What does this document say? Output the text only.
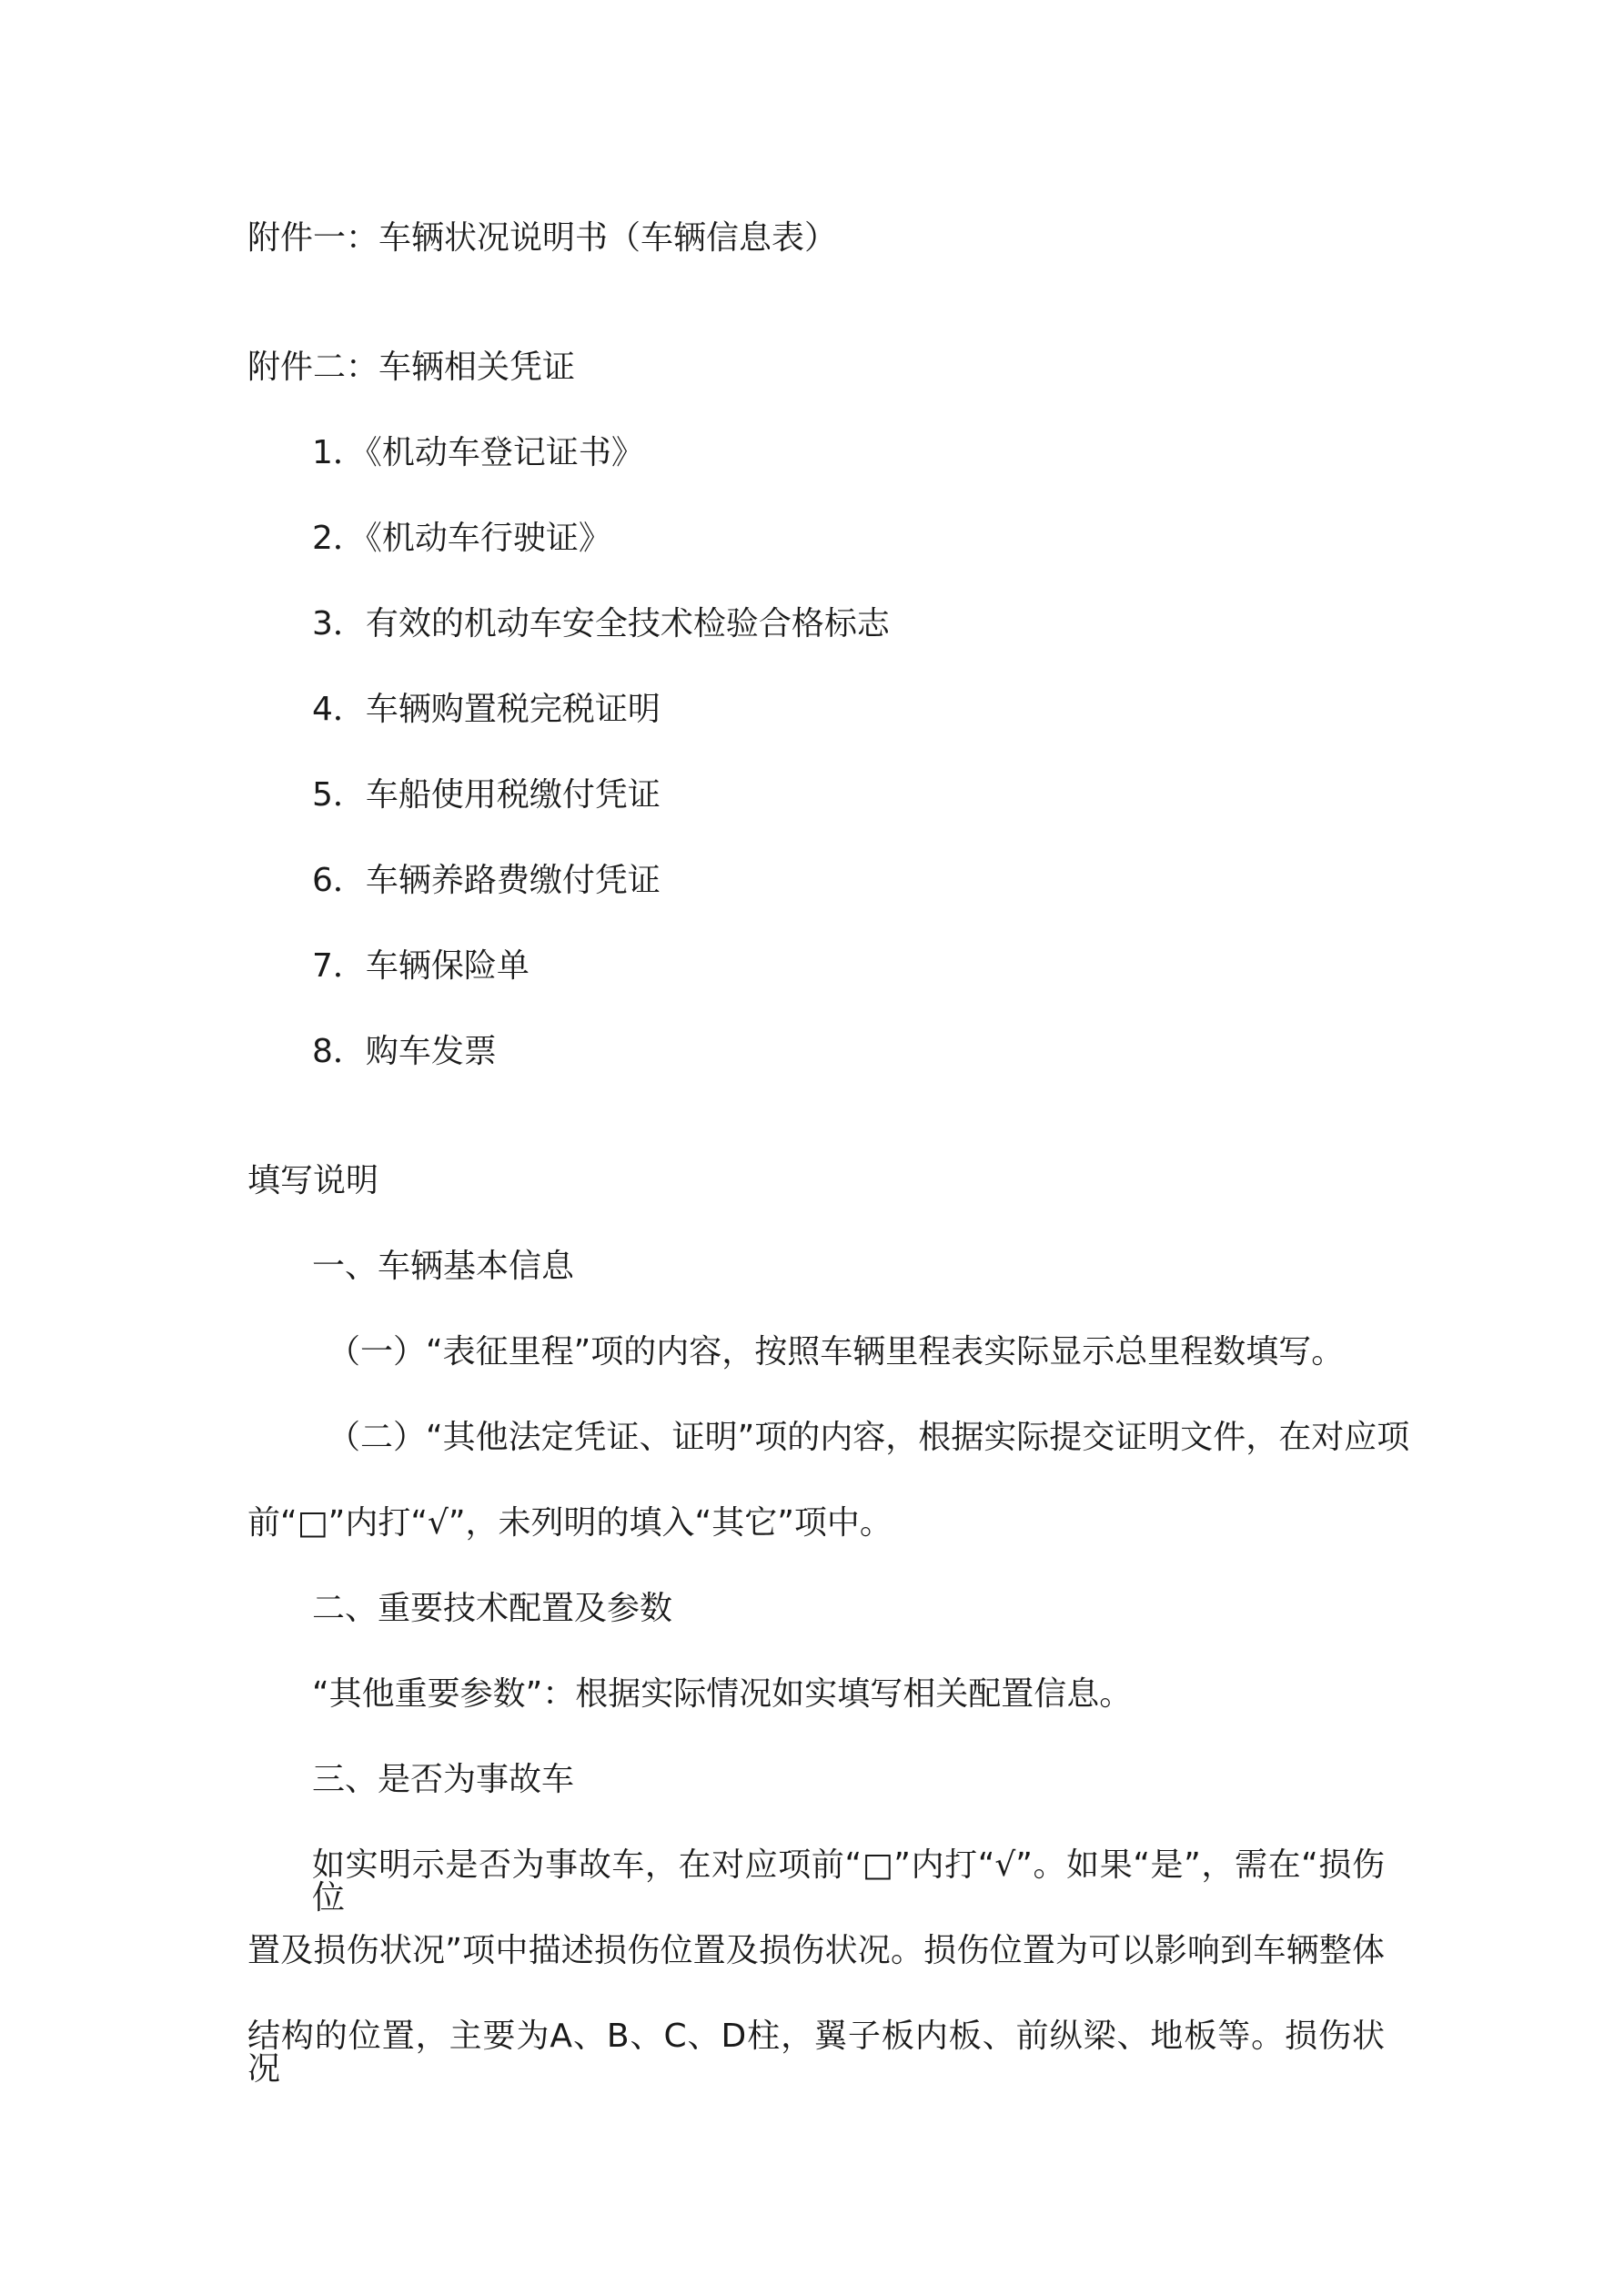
附件一：车辆状况说明书（车辆信息表）

附件二：车辆相关凭证

1．《机动车登记证书》

2．《机动车行驶证》

3．有效的机动车安全技术检验合格标志

4．车辆购置税完税证明

5．车船使用税缴付凭证

6．车辆养路费缴付凭证

7．车辆保险单

8．购车发票

填写说明

一、车辆基本信息

（一）“表征里程”项的内容，按照车辆里程表实际显示总里程数填写。

（二）“其他法定凭证、证明”项的内容，根据实际提交证明文件，在对应项

前“□”内打“√”，未列明的填入“其它”项中。

二、重要技术配置及参数

“其他重要参数”：根据实际情况如实填写相关配置信息。

三、是否为事故车

如实明示是否为事故车，在对应项前“□”内打“√”。如果“是”，需在“损伤位

置及损伤状况”项中描述损伤位置及损伤状况。损伤位置为可以影响到车辆整体

结构的位置，主要为A、B、C、D柱，翼子板内板、前纵梁、地板等。损伤状况
